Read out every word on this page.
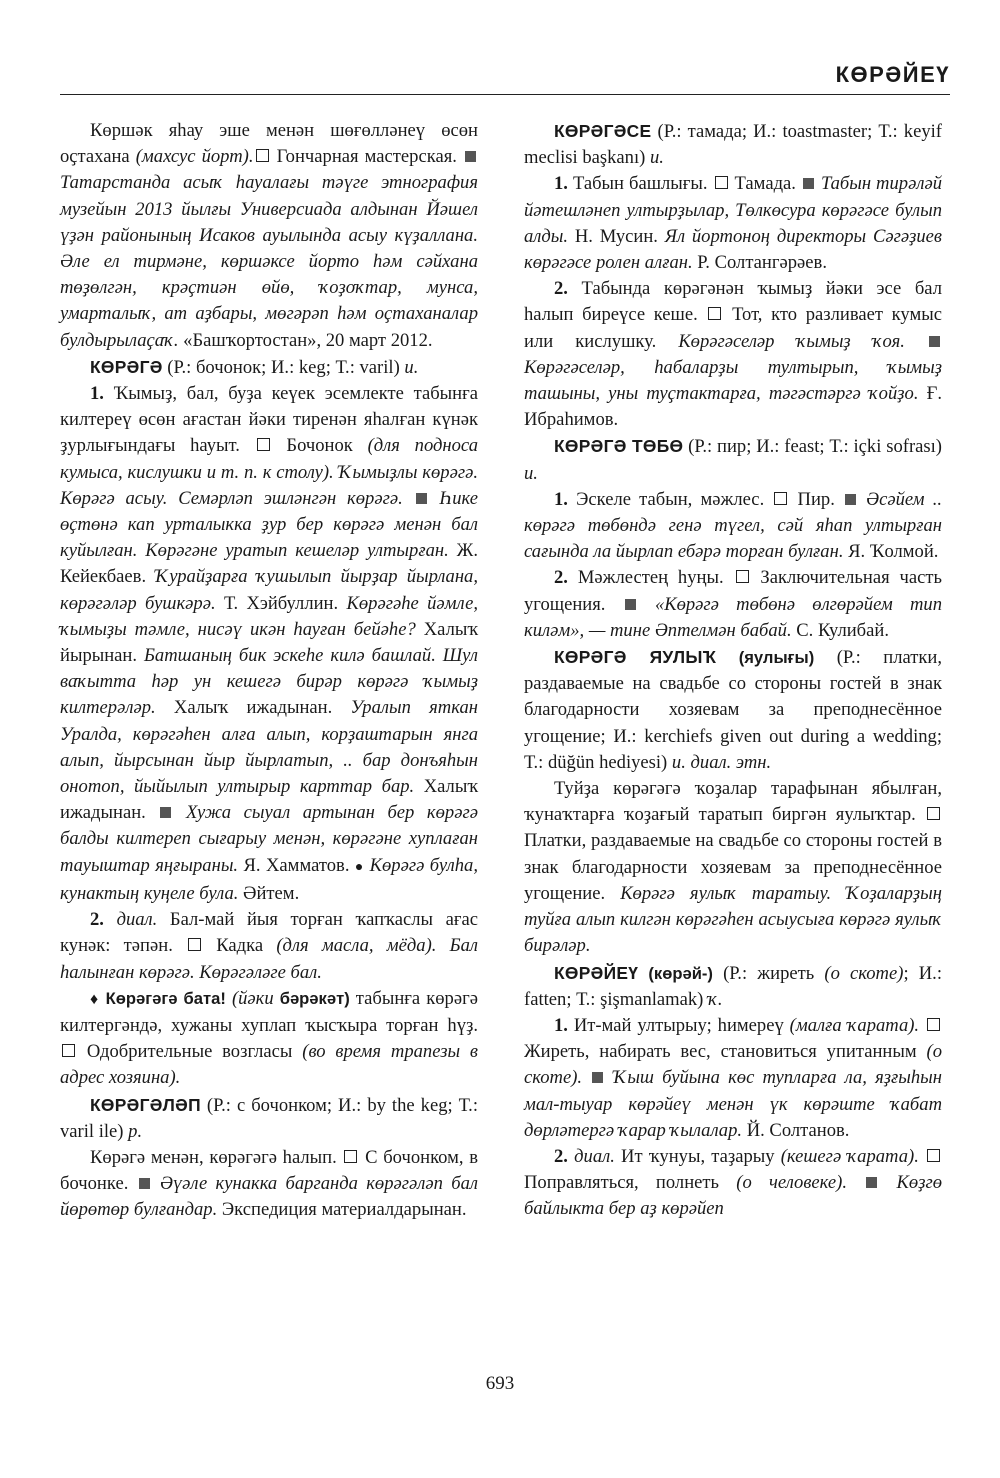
КӨРӘЙЕҮ

Көршәк яһау эше менән шөғөлләнеү өсөн оҫтахана (махсус йорт). Гончарная мастерская.  Татарстанда асыҡ һауалағы тәүге этнография музейын 2013 йылғы Универсиада алдынан Йәшел үҙән районының Исаков ауылында асыу күҙаллана. Әле ел тирмәне, көршәксе йорто һәм сәйхана төҙөлгән, крәҫтиән өйө, ҡоҙоҡтар, мунса, умарталыҡ, ат аҙбары, мөгәрәп һәм оҫтаханалар булдырылаҫаҡ. «Башҡортостан», 20 март 2012.

КӨРӘГӘ (Р.: бочонок; И.: keg; Т.: varil) и.

1. Ҡымыҙ, бал, буҙа кеүек эсемлекте табынға килтереү өсөн ағастан йәки тиренән яһалған күнәк ҙурлығындағы һауыт.  Бочонок (для подноса кумыса, кислушки и т. п. к столу). Ҡымыҙлы көрәгә. Көрәгә асыу. Семәрләп эшләнгән көрәгә.  Һике өҫтөнә кап урталыкка ҙур бер көрәгә менән бал куйылған. Көрәгәне уратып кешеләр ултырған. Ж. Кейекбаев. Ҡурайҙарға ҡушылып йырҙар йырлана, көрәгәләр бушкәрә. Т. Хэйбуллин. Көрәгәһе йәмле, ҡымыҙы тәмле, нисәү икән һауған бейәһе? Халыҡ йырынан. Батшаның бик эскеһе килә башлай. Шул ваҡытта һәр ун кешегә бирәр көрәгә ҡымыҙ килтерәләр. Халыҡ ижадынан. Уралып яткан Уралда, көрәгәһен алға алып, корҙаштарын янга алып, йырсынан йыр йырлатып, .. бар донъяһын онотоп, йыйылып ултырыр карттар бар. Халыҡ ижадынан.  Хужа сыуал артынан бер көрәгә балды килтереп сығарыу менән, көрәгәне хуплаған тауыштар яңғыраны. Я. Хамматов. ● Көрәгә булһа, кунактың куңеле була. Әйтем.

2. диал. Бал-май йыя торған ҡапҡаслы ағас кунәк: тәпән.  Кадка (для масла, мёда). Бал һалынған көрәгә. Көрәгәләге бал.

♦ Көрәгәгә бата! (йәки бәрәкәт) табынға көрәгә килтергәндә, хужаны хуплап ҡысҡыра торған һүҙ.  Одобрительные возгласы (во время трапезы в адрес хозяина).

КӨРӘГӘЛӘП (Р.: с бочонком; И.: by the keg; Т.: varil ile) р.

Көрәгә менән, көрәгәгә һалып.  С бочонком, в бочонке.  Әүәле кунакка барганда көрәгәләп бал йөрөтөр булғандар. Экспедиция материалдарынан.

КӨРӘГӘСЕ (Р.: тамада; И.: toastmaster; Т.: keyif meclisi başkanı) и.

1. Табын башлығы.  Тамада.  Табын тирәләй йәтешләнеп ултырҙылар, Төлкөсура көрәгәсе булып алды. Н. Мусин. Ял йортоноң директоры Сәгәҙиев көрәгәсе ролен алған. Р. Солтангәрәев.

2. Табында көрәгәнән ҡымыҙ йәки эсе бал һалып биреүсе кеше.  Тот, кто разливает кумыс или кислушку. Көрәгәселәр ҡымыҙ ҡоя.  Көрәгәселәр, һабаларҙы тултырып, ҡымыҙ ташыны, уны туҫтактарға, тәгәстәргә ҡойҙо. Ғ. Ибраһимов.

КӨРӘГӘ ТӨБӨ (Р.: пир; И.: feast; Т.: içki sofrası) и.

1. Эскеле табын, мәжлес.  Пир.  Әсәйем .. көрәгә төбөндә генә түгел, сәй яһап ултырған сағында ла йырлап ебәрә торған булған. Я. Ҡолмой.

2. Мәжлестең һуңы.  Заключительная часть угощения.  «Көрәгә төбөнә өлгөрәйем тип киләм», — тине Әптелмән бабай. С. Кулибай.

КӨРӘГӘ ЯУЛЫҠ (яулығы) (Р.: платки, раздаваемые на свадьбе со стороны гостей в знак благодарности хозяевам за преподнесённое угощение; И.: kerchiefs given out during a wedding; Т.: düğün hediyesi) и. диал. этн.

Туйҙа көрәгәгә ҡоҙалар тарафынан ябылған, ҡунаҡтарға ҡоҙағый таратып биргән яулыҡтар.  Платки, раздаваемые на свадьбе со стороны гостей в знак благодарности хозяевам за преподнесённое угощение. Көрәгә яулыҡ таратыу. Ҡоҙаларҙың туйға алып килгән көрәгәһен асыусыға көрәгә яулыҡ бирәләр.

КӨРӘЙЕҮ (көрәй-) (Р.: жиреть (о скоте); И.: fatten; Т.: şişmanlamak) ҡ.

1. Ит-май ултырыу; һимереү (малға ҡарата).  Жиреть, набирать вес, становиться упитанным (о скоте). Ҡыш буйына көс тупларға ла, яҙғыһын мал-тыуар көрәйеү менән үк көрәште ҡабат дөрләтергә ҡарар ҡылалар. Й. Солтанов.

2. диал. Ит ҡунуы, таҙарыу (кешегә ҡарата).  Поправляться, полнеть (о человеке).	Көҙгө байлыкта бер аҙ көрәйеп

693
